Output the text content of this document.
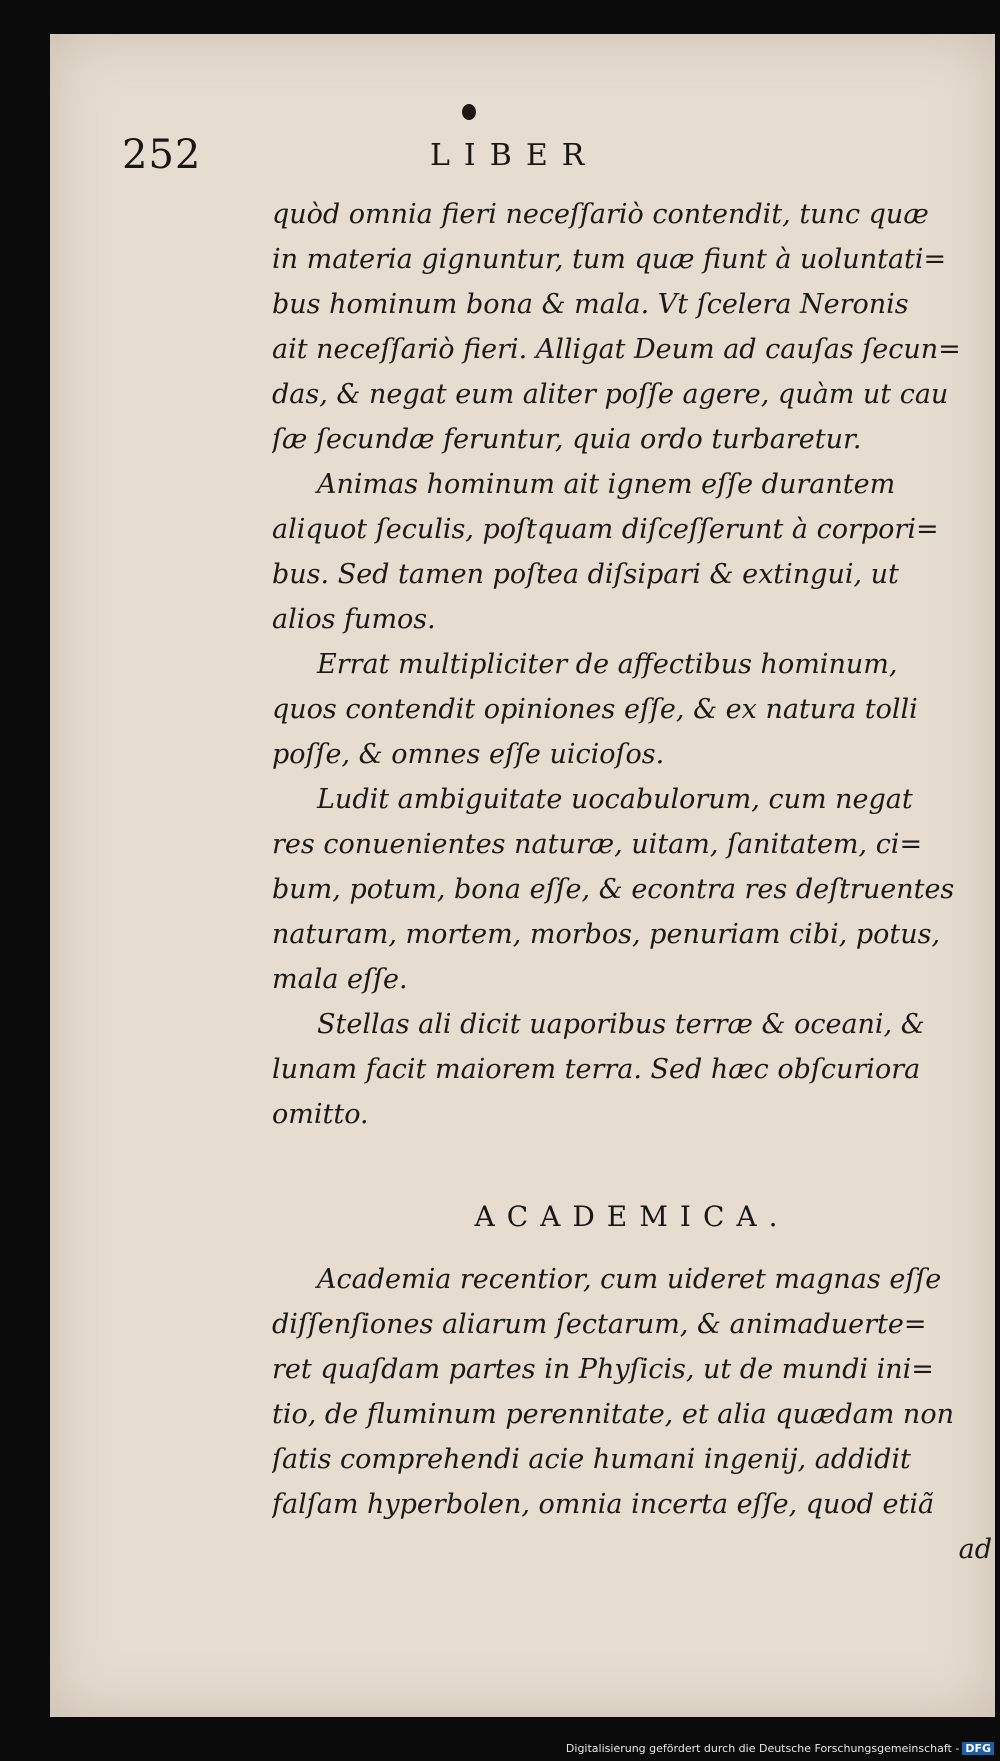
252	LIBER
quòd omnia fieri neceſſariò contendit, tunc quæ
in materia gignuntur, tum quæ fiunt à uoluntati=
bus hominum bona & mala. Vt ſcelera Neronis
ait neceſſariò fieri. Alligat Deum ad cauſas ſecun=
das, & negat eum aliter poſſe agere, quàm ut cau
ſæ ſecundæ feruntur, quia ordo turbaretur.
Animas hominum ait ignem eſſe durantem
aliquot ſeculis, poſtquam diſceſſerunt à corpori=
bus. Sed tamen poſtea diſsipari & extingui, ut
alios fumos.
Errat multipliciter de affectibus hominum,
quos contendit opiniones eſſe, & ex natura tolli
poſſe, & omnes eſſe uicioſos.
Ludit ambiguitate uocabulorum, cum negat
res conuenientes naturæ, uitam, ſanitatem, ci=
bum, potum, bona eſſe, & econtra res deſtruentes
naturam, mortem, morbos, penuriam cibi, potus,
mala eſſe.
Stellas ali dicit uaporibus terræ & oceani, &
lunam facit maiorem terra. Sed hæc obſcuriora
omitto.
ACADEMICA.
Academia recentior, cum uideret magnas eſſe
diſſenſiones aliarum ſectarum, & animaduerte=
ret quaſdam partes in Phyſicis, ut de mundi ini=
tio, de fluminum perennitate, et alia quædam non
ſatis comprehendi acie humani ingenij, addidit
falſam hyperbolen, omnia incerta eſſe, quod etiã
ad
Digitalisierung gefördert durch die Deutsche Forschungsgemeinschaft - DFG
